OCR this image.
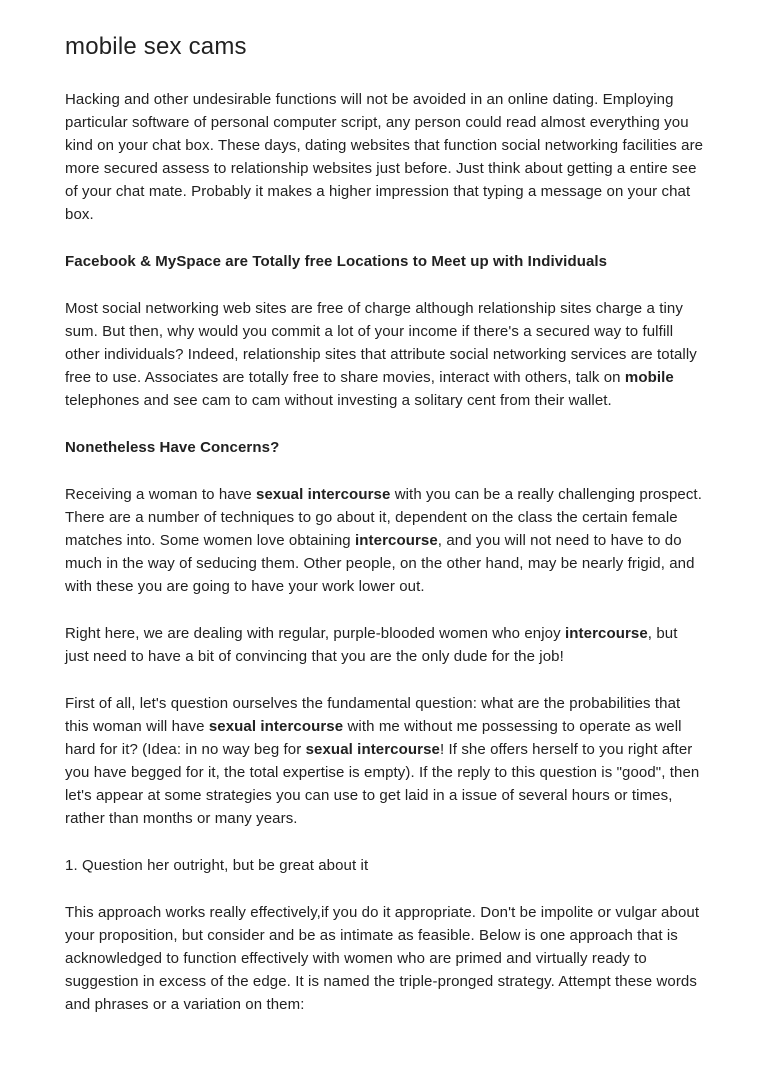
mobile sex cams
Hacking and other undesirable functions will not be avoided in an online dating. Employing particular software of personal computer script, any person could read almost everything you kind on your chat box. These days, dating websites that function social networking facilities are more secured assess to relationship websites just before. Just think about getting a entire see of your chat mate. Probably it makes a higher impression that typing a message on your chat box.
Facebook & MySpace are Totally free Locations to Meet up with Individuals
Most social networking web sites are free of charge although relationship sites charge a tiny sum. But then, why would you commit a lot of your income if there's a secured way to fulfill other individuals? Indeed, relationship sites that attribute social networking services are totally free to use. Associates are totally free to share movies, interact with others, talk on mobile telephones and see cam to cam without investing a solitary cent from their wallet.
Nonetheless Have Concerns?
Receiving a woman to have sexual intercourse with you can be a really challenging prospect. There are a number of techniques to go about it, dependent on the class the certain female matches into. Some women love obtaining intercourse, and you will not need to have to do much in the way of seducing them. Other people, on the other hand, may be nearly frigid, and with these you are going to have your work lower out.
Right here, we are dealing with regular, purple-blooded women who enjoy intercourse, but just need to have a bit of convincing that you are the only dude for the job!
First of all, let's question ourselves the fundamental question: what are the probabilities that this woman will have sexual intercourse with me without me possessing to operate as well hard for it? (Idea: in no way beg for sexual intercourse! If she offers herself to you right after you have begged for it, the total expertise is empty). If the reply to this question is "good", then let's appear at some strategies you can use to get laid in a issue of several hours or times, rather than months or many years.
1. Question her outright, but be great about it
This approach works really effectively,if you do it appropriate. Don't be impolite or vulgar about your proposition, but consider and be as intimate as feasible. Below is one approach that is acknowledged to function effectively with women who are primed and virtually ready to suggestion in excess of the edge. It is named the triple-pronged strategy. Attempt these words and phrases or a variation on them:
